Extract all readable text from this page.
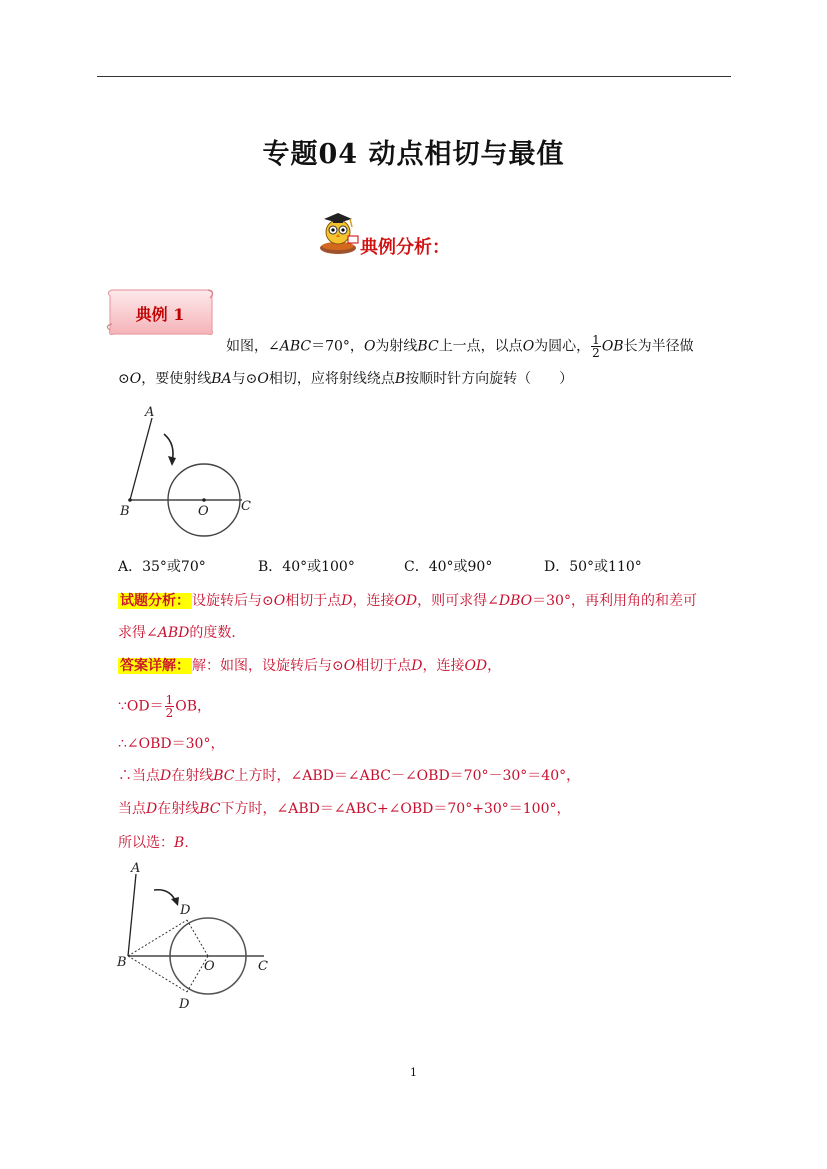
专题04 动点相切与最值
典例分析：
典例 1
如图，∠ABC＝70°，O为射线BC上一点，以点O为圆心， $\frac{1}{2}$ OB长为半径做
⊙O，要使射线BA与⊙O相切，应将射线绕点B按顺时针方向旋转（　　）
A
B	O C
A．35°或70°	B．40°或100°	C．40°或90°	D．50°或110°
试题分析： 设旋转后与⊙O相切于点D，连接OD，则可求得∠DBO＝30°，再利用角的和差可
求得∠ABD的度数．
答案详解： 解：如图，设旋转后与⊙O相切于点D，连接OD，
∵OD＝ $\frac{1}{2}$ OB，
∴∠OBD＝30°，
∴当点D在射线BC上方时，∠ABD＝∠ABC－∠OBD＝70°－30°＝40°，
当点D在射线BC下方时，∠ABD＝∠ABC+∠OBD＝70°+30°＝100°，
所以选：B．
A
D
B	O	C
D
1
